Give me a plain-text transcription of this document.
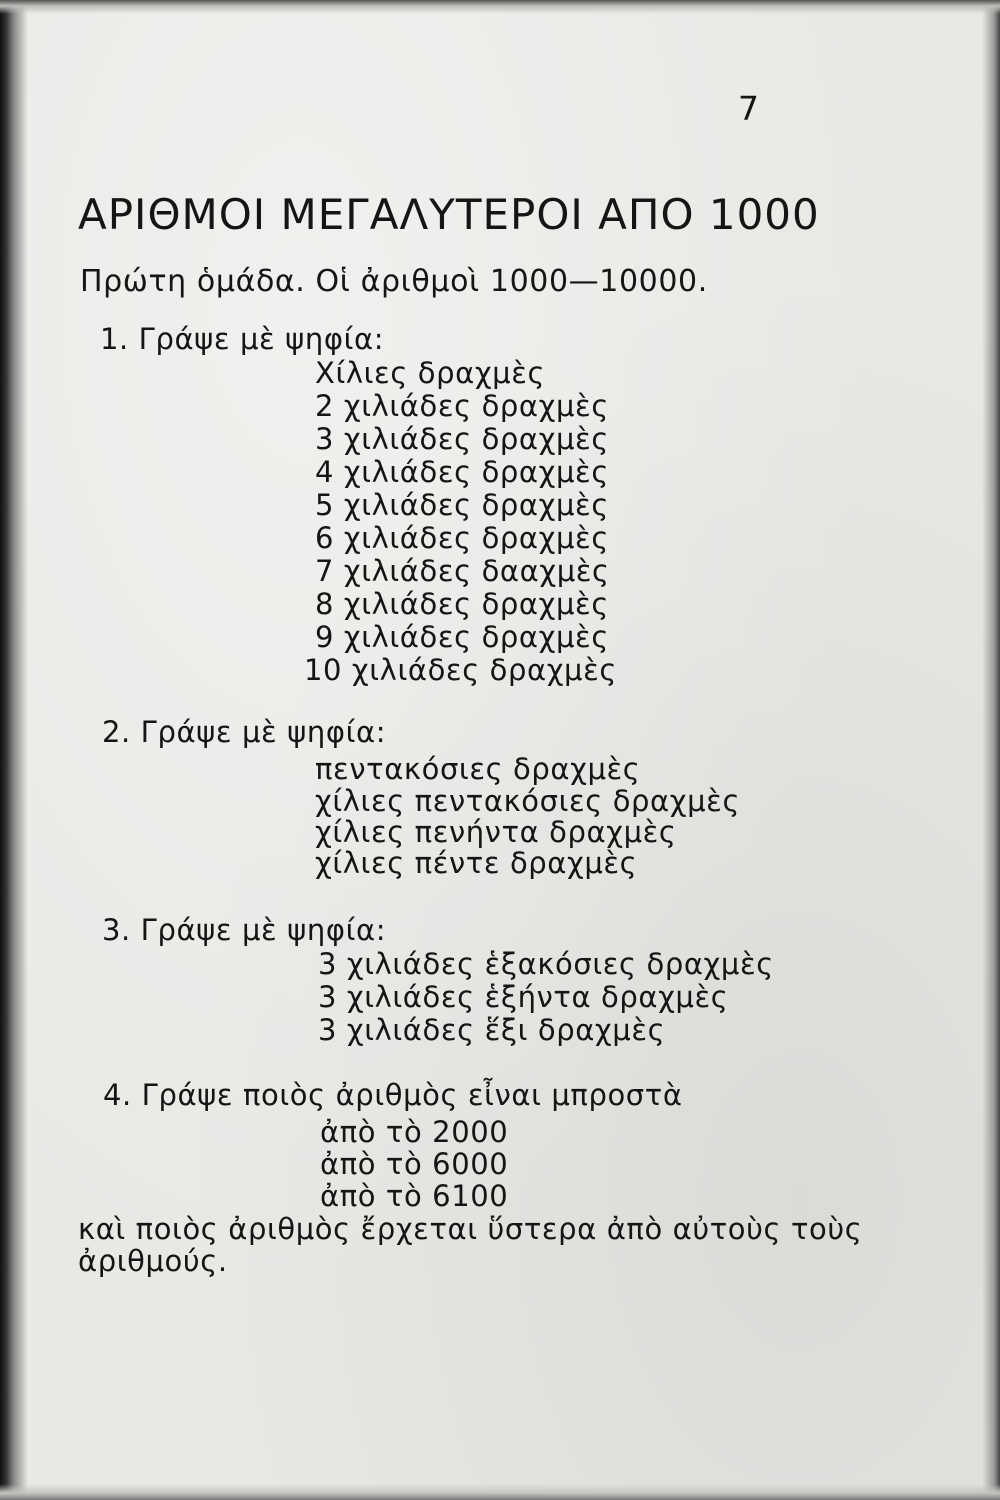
7
ΑΡΙΘΜΟΙ ΜΕΓΑΛΥΤΕΡΟΙ ΑΠΟ 1000
Πρώτη ὁμάδα. Οἱ ἀριθμοὶ 1000—10000.
1. Γράψε μὲ ψηφία:
Χίλιες δραχμὲς
2 χιλιάδες δραχμὲς
3 χιλιάδες δραχμὲς
4 χιλιάδες δραχμὲς
5 χιλιάδες δραχμὲς
6 χιλιάδες δραχμὲς
7 χιλιάδες δααχμὲς
8 χιλιάδες δραχμὲς
9 χιλιάδες δραχμὲς
10 χιλιάδες δραχμὲς
2. Γράψε μὲ ψηφία:
πεντακόσιες δραχμὲς
χίλιες πεντακόσιες δραχμὲς
χίλιες πενήντα δραχμὲς
χίλιες πέντε δραχμὲς
3. Γράψε μὲ ψηφία:
3 χιλιάδες ἑξακόσιες δραχμὲς
3 χιλιάδες ἑξήντα δραχμὲς
3 χιλιάδες ἕξι δραχμὲς
4. Γράψε ποιὸς ἀριθμὸς εἶναι μπροστὰ
ἀπὸ τὸ 2000
ἀπὸ τὸ 6000
ἀπὸ τὸ 6100
καὶ ποιὸς ἀριθμὸς ἔρχεται ὕστερα ἀπὸ αὐτοὺς τοὺς
ἀριθμούς.
